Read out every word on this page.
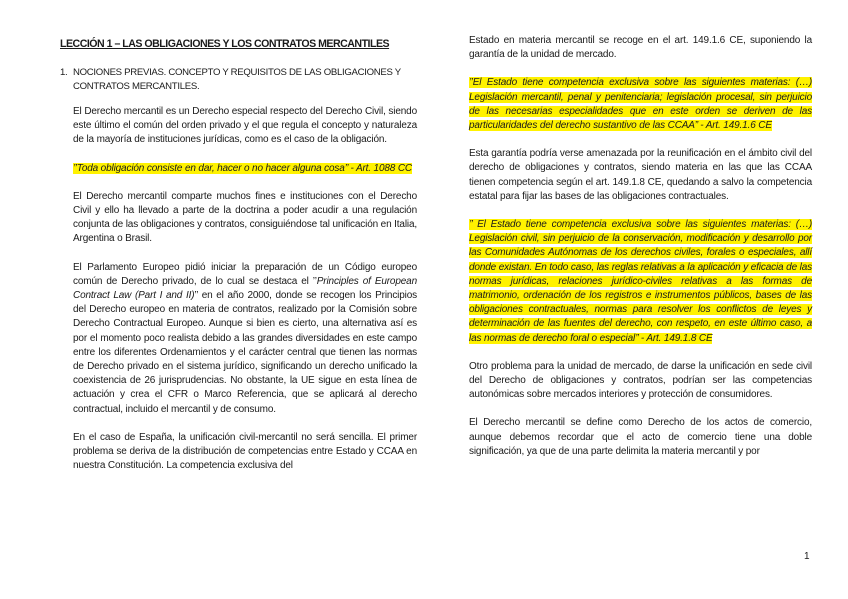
LECCIÓN 1 – LAS OBLIGACIONES Y LOS CONTRATOS MERCANTILES
1. NOCIONES PREVIAS. CONCEPTO Y REQUISITOS DE LAS OBLIGACIONES Y CONTRATOS MERCANTILES.

El Derecho mercantil es un Derecho especial respecto del Derecho Civil, siendo este último el común del orden privado y el que regula el concepto y naturaleza de la mayoría de instituciones jurídicas, como es el caso de la obligación.

’’Toda obligación consiste en dar, hacer o no hacer alguna cosa’’ - Art. 1088 CC

El Derecho mercantil comparte muchos fines e instituciones con el Derecho Civil y ello ha llevado a parte de la doctrina a poder acudir a una regulación conjunta de las obligaciones y contratos, consiguiéndose tal unificación en Italia, Argentina o Brasil.

El Parlamento Europeo pidió iniciar la preparación de un Código europeo común de Derecho privado, de lo cual se destaca el ’’Principles of European Contract Law (Part I and II)’’ en el año 2000, donde se recogen los Principios del Derecho europeo en materia de contratos, realizado por la Comisión sobre Derecho Contractual Europeo. Aunque si bien es cierto, una alternativa así es por el momento poco realista debido a las grandes diversidades en este campo entre los diferentes Ordenamientos y el carácter central que tienen las normas de Derecho privado en el sistema jurídico, significando un derecho unificado la coexistencia de 26 jurisprudencias. No obstante, la UE sigue en esta línea de actuación y crea el CFR o Marco Referencia, que se aplicará al derecho contractual, incluido el mercantil y de consumo.

En el caso de España, la unificación civil-mercantil no será sencilla. El primer problema se deriva de la distribución de competencias entre Estado y CCAA en nuestra Constitución. La competencia exclusiva del

Estado en materia mercantil se recoge en el art. 149.1.6 CE, suponiendo la garantía de la unidad de mercado.

’’El Estado tiene competencia exclusiva sobre las siguientes materias: (…) Legislación mercantil, penal y penitenciaria; legislación procesal, sin perjuicio de las necesarias especialidades que en este orden se deriven de las particularidades del derecho sustantivo de las CCAA’’ - Art. 149.1.6 CE

Esta garantía podría verse amenazada por la reunificación en el ámbito civil del derecho de obligaciones y contratos, siendo materia en las que las CCAA tienen competencia según el art. 149.1.8 CE, quedando a salvo la competencia estatal para fijar las bases de las obligaciones contractuales.

’’ El Estado tiene competencia exclusiva sobre las siguientes materias: (…) Legislación civil, sin perjuicio de la conservación, modificación y desarrollo por las Comunidades Autónomas de los derechos civiles, forales o especiales, allí donde existan. En todo caso, las reglas relativas a la aplicación y eficacia de las normas jurídicas, relaciones jurídico-civiles relativas a las formas de matrimonio, ordenación de los registros e instrumentos públicos, bases de las obligaciones contractuales, normas para resolver los conflictos de leyes y determinación de las fuentes del derecho, con respeto, en este último caso, a las normas de derecho foral o especial’’ - Art. 149.1.8 CE

Otro problema para la unidad de mercado, de darse la unificación en sede civil del Derecho de obligaciones y contratos, podrían ser las competencias autonómicas sobre mercados interiores y protección de consumidores.

El Derecho mercantil se define como Derecho de los actos de comercio, aunque debemos recordar que el acto de comercio tiene una doble significación, ya que de una parte delimita la materia mercantil y por

1
